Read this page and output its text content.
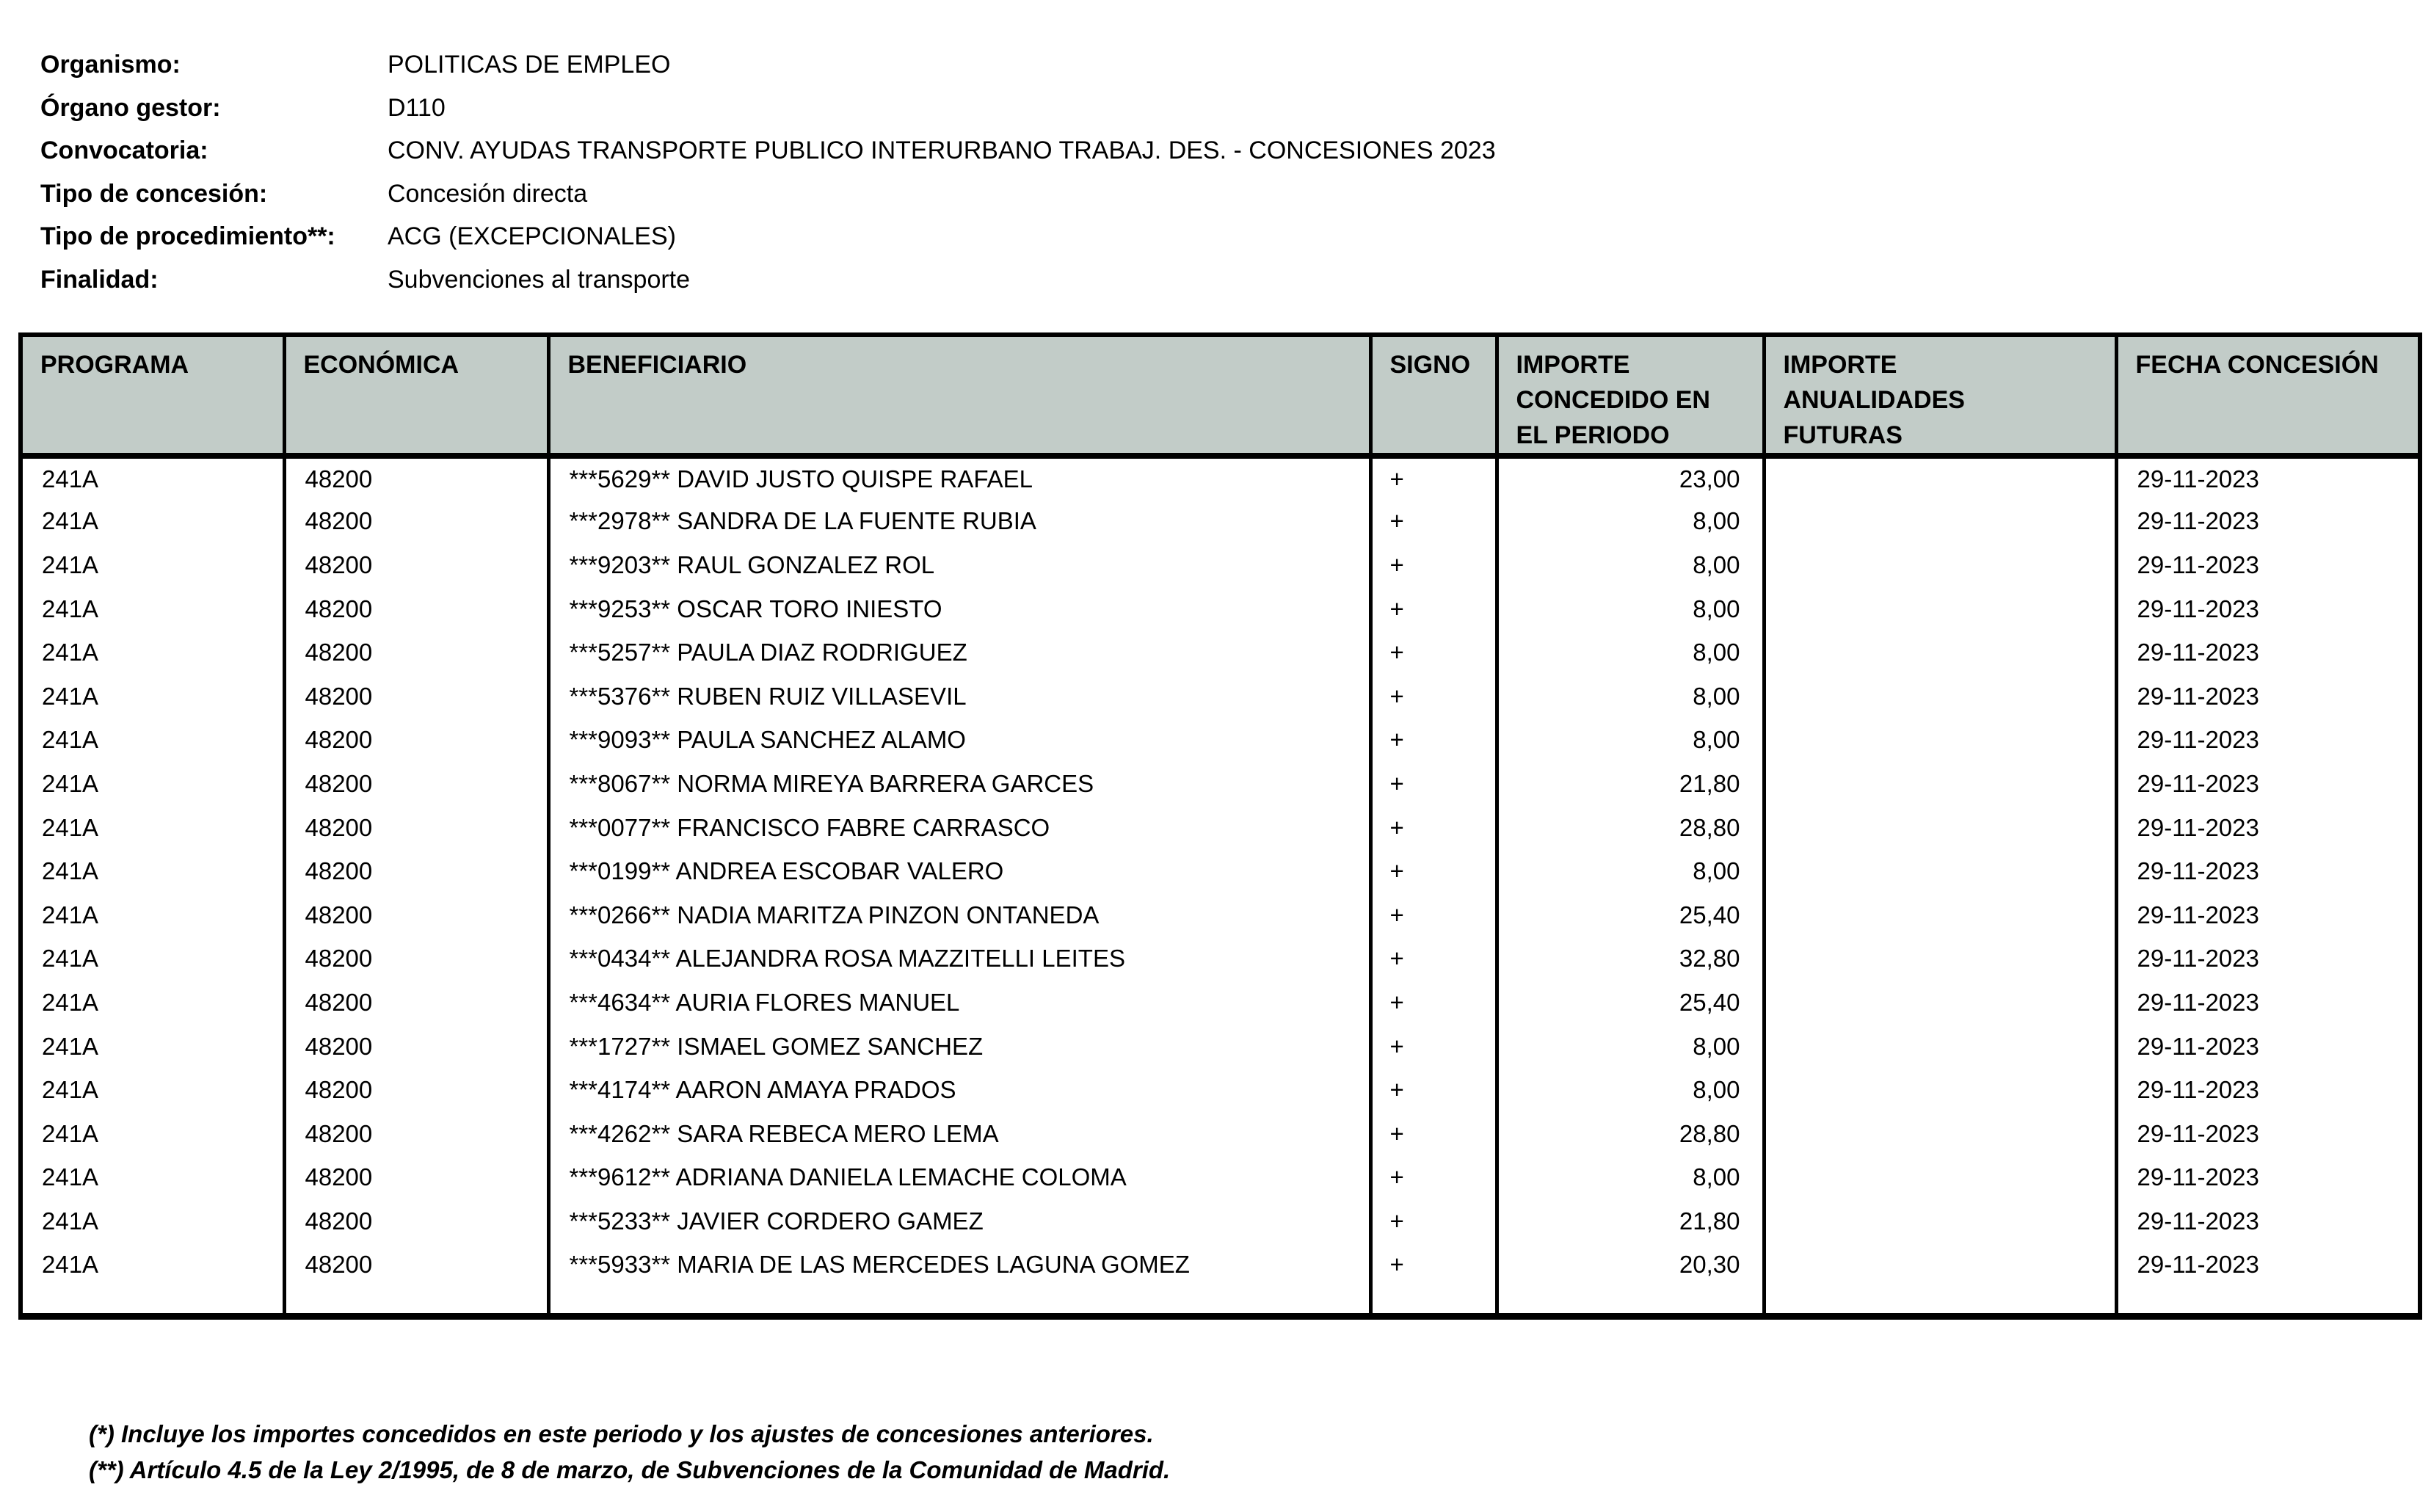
Organismo:	POLITICAS DE EMPLEO
Órgano gestor:	D110
Convocatoria:	CONV. AYUDAS TRANSPORTE PUBLICO INTERURBANO TRABAJ. DES. - CONCESIONES 2023
Tipo de concesión:	Concesión directa
Tipo de procedimiento**:	ACG (EXCEPCIONALES)
Finalidad:	Subvenciones al transporte
PROGRAMA	ECONÓMICA	BENEFICIARIO	SIGNO	IMPORTE CONCEDIDO EN EL PERIODO	IMPORTE ANUALIDADES FUTURAS	FECHA CONCESIÓN

241A	48200	***5629** DAVID JUSTO QUISPE RAFAEL	+	23,00		29-11-2023
241A	48200	***2978** SANDRA DE LA FUENTE RUBIA	+	8,00		29-11-2023
241A	48200	***9203** RAUL GONZALEZ ROL	+	8,00		29-11-2023
241A	48200	***9253** OSCAR TORO INIESTO	+	8,00		29-11-2023
241A	48200	***5257** PAULA DIAZ RODRIGUEZ	+	8,00		29-11-2023
241A	48200	***5376** RUBEN RUIZ VILLASEVIL	+	8,00		29-11-2023
241A	48200	***9093** PAULA SANCHEZ ALAMO	+	8,00		29-11-2023
241A	48200	***8067** NORMA MIREYA BARRERA GARCES	+	21,80		29-11-2023
241A	48200	***0077** FRANCISCO FABRE CARRASCO	+	28,80		29-11-2023
241A	48200	***0199** ANDREA ESCOBAR VALERO	+	8,00		29-11-2023
241A	48200	***0266** NADIA MARITZA PINZON ONTANEDA	+	25,40		29-11-2023
241A	48200	***0434** ALEJANDRA ROSA MAZZITELLI LEITES	+	32,80		29-11-2023
241A	48200	***4634** AURIA FLORES MANUEL	+	25,40		29-11-2023
241A	48200	***1727** ISMAEL GOMEZ SANCHEZ	+	8,00		29-11-2023
241A	48200	***4174** AARON AMAYA PRADOS	+	8,00		29-11-2023
241A	48200	***4262** SARA REBECA MERO LEMA	+	28,80		29-11-2023
241A	48200	***9612** ADRIANA DANIELA LEMACHE COLOMA	+	8,00		29-11-2023
241A	48200	***5233** JAVIER CORDERO GAMEZ	+	21,80		29-11-2023
241A	48200	***5933** MARIA DE LAS MERCEDES LAGUNA GOMEZ	+	20,30		29-11-2023

(*) Incluye los importes concedidos en este periodo y los ajustes de concesiones anteriores.
(**) Artículo 4.5 de la Ley 2/1995, de 8 de marzo, de Subvenciones de la Comunidad de Madrid.
